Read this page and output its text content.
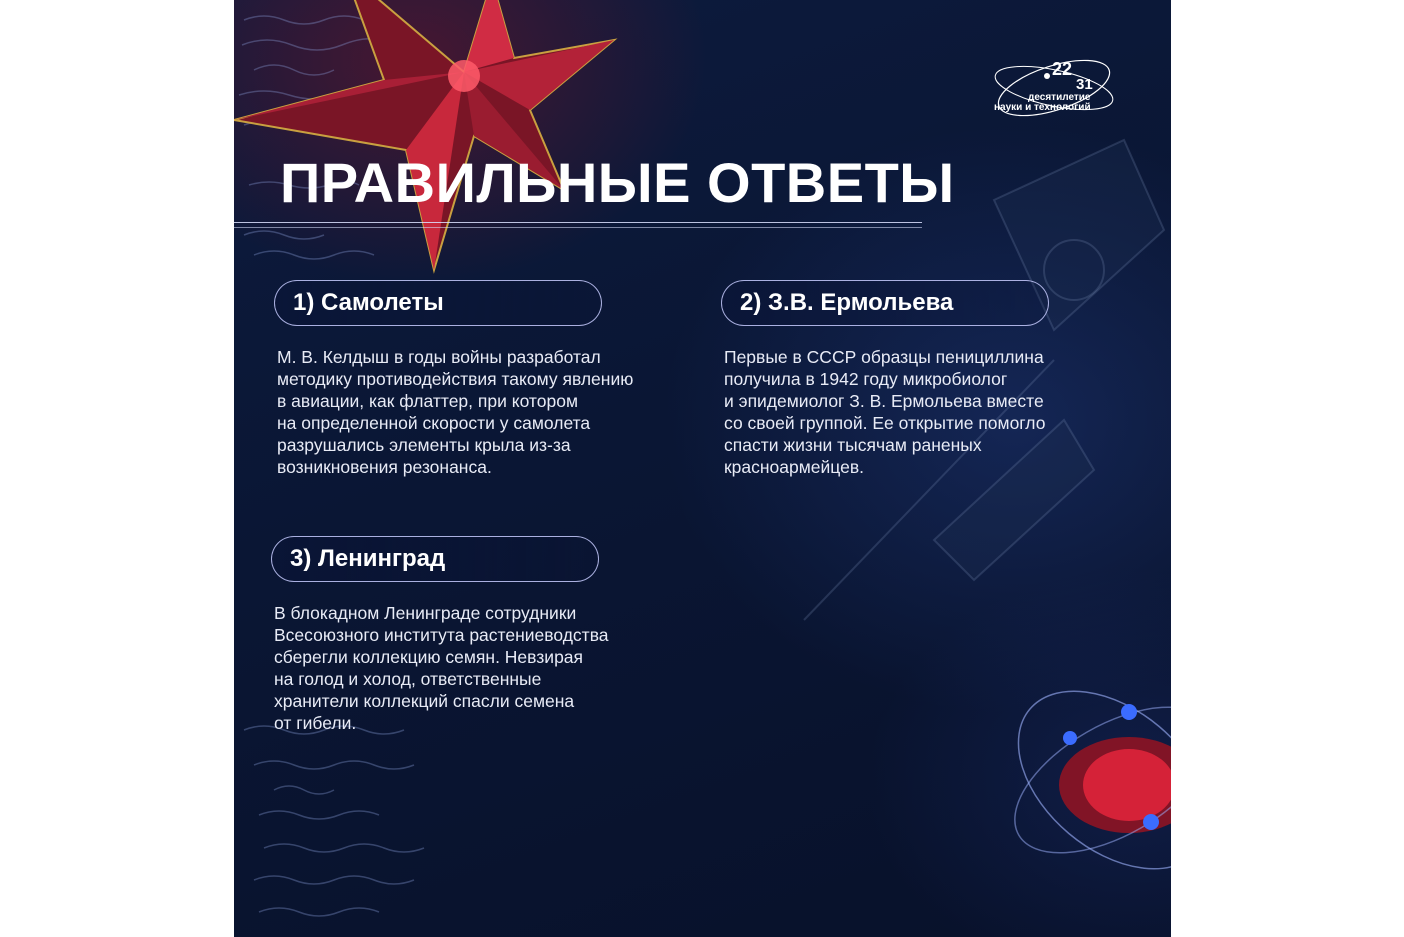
22
31
десятилетие
науки и технологий
ПРАВИЛЬНЫЕ ОТВЕТЫ
1) Самолеты

М. В. Келдыш в годы войны разработал
методику противодействия такому явлению
в авиации, как флаттер, при котором
на определенной скорости у самолета
разрушались элементы крыла из-за
возникновения резонанса.

2) З.В. Ермольева

Первые в СССР образцы пенициллина
получила в 1942 году микробиолог
и эпидемиолог З. В. Ермольева вместе
со своей группой. Ее открытие помогло
спасти жизни тысячам раненых
красноармейцев.

3) Ленинград

В блокадном Ленинграде сотрудники
Всесоюзного института растениеводства
сберегли коллекцию семян. Невзирая
на голод и холод, ответственные
хранители коллекций спасли семена
от гибели.
